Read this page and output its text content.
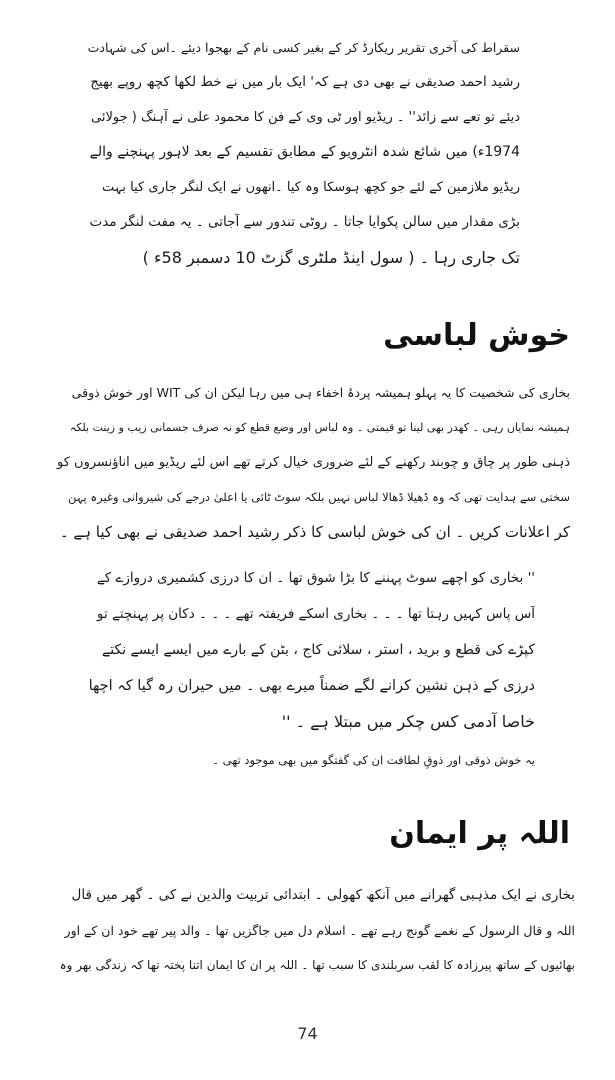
سقراط کی آخری تقریر ریکارڈ کر کے بغیر کسی نام کے بھجوا دیئے ۔اس کی شہادت
رشید احمد صدیقی نے بھی دی ہے کہ' ایک بار میں نے خط لکھا کچھ روپے بھیج
دیئے تو تعے سے زائد'' ۔ ریڈیو اور ٹی وی کے فن کا محمود علی نے آہنگ ( جولائی
1974ء) میں شائع شدہ انٹرویو کے مطابق تقسیم کے بعد لاہور پہنچنے والے
ریڈیو ملازمین کے لئے جو کچھ ہوسکا وہ کیا ۔انھوں نے ایک لنگر جاری کیا بہت
بڑی مقدار میں سالن پکوایا جاتا ۔ روٹی تندور سے آجاتی ۔ یہ مفت لنگر مدت
تک جاری رہا ۔ ( سول اینڈ ملٹری گزٹ 10 دسمبر 58ء )
خوش لباسی
بخاری کی شخصیت کا یہ پہلو ہمیشہ پردۂ اخفاء ہی میں رہا لیکن ان کی WIT اور خوش ذوقی
ہمیشہ نمایاں رہی ۔ کھدر بھی لینا تو قیمتی ۔ وہ لباس اور وضع قطع کو نہ صرف جسمانی زیب و زینت بلکہ
ذہنی طور پر چاق و چوبند رکھنے کے لئے ضروری خیال کرتے تھے اس لئے ریڈیو میں اناؤنسروں کو
سختی سے ہدایت تھی کہ وہ ڈھیلا ڈھالا لباس نہیں بلکہ سوٹ ٹائی یا اعلیٰ درجے کی شیروانی وغیرہ پہن
کر اعلانات کریں ۔ ان کی خوش لباسی کا ذکر رشید احمد صدیقی نے بھی کیا ہے ۔
'' بخاری کو اچھے سوٹ پہننے کا بڑا شوق تھا ۔ ان کا درزی کشمیری دروازے کے
آس پاس کہیں رہتا تھا ۔ ۔ ۔ بخاری اسکے فریفتہ تھے ۔ ۔ ۔ دکان پر پہنچتے تو
کپڑے کی قطع و برید ، استر ، سلائی کاج ، بٹن کے بارے میں ایسے ایسے نکتے
درزی کے ذہن نشین کرانے لگے ضمناً میرے بھی ۔ میں حیران رہ گیا کہ اچھا
خاصا آدمی کس چکر میں مبتلا ہے ۔ ''
یہ خوش ذوقی اور ذوقِ لطافت ان کی گفتگو میں بھی موجود تھی ۔
اللہ پر ایمان
بخاری نے ایک مذہبی گھرانے میں آنکھ کھولی ۔ ابتدائی تربیت والدین نے کی ۔ گھر میں قال
اللہ و قال الرسول کے نغمے گونج رہے تھے ۔ اسلام دل میں جاگزیں تھا ۔ والد پیر تھے خود ان کے اور
بھائیوں کے ساتھ پیرزادہ کا لقب سربلندی کا سبب تھا ۔ اللہ پر ان کا ایمان اتنا پختہ تھا کہ زندگی بھر وہ
74
